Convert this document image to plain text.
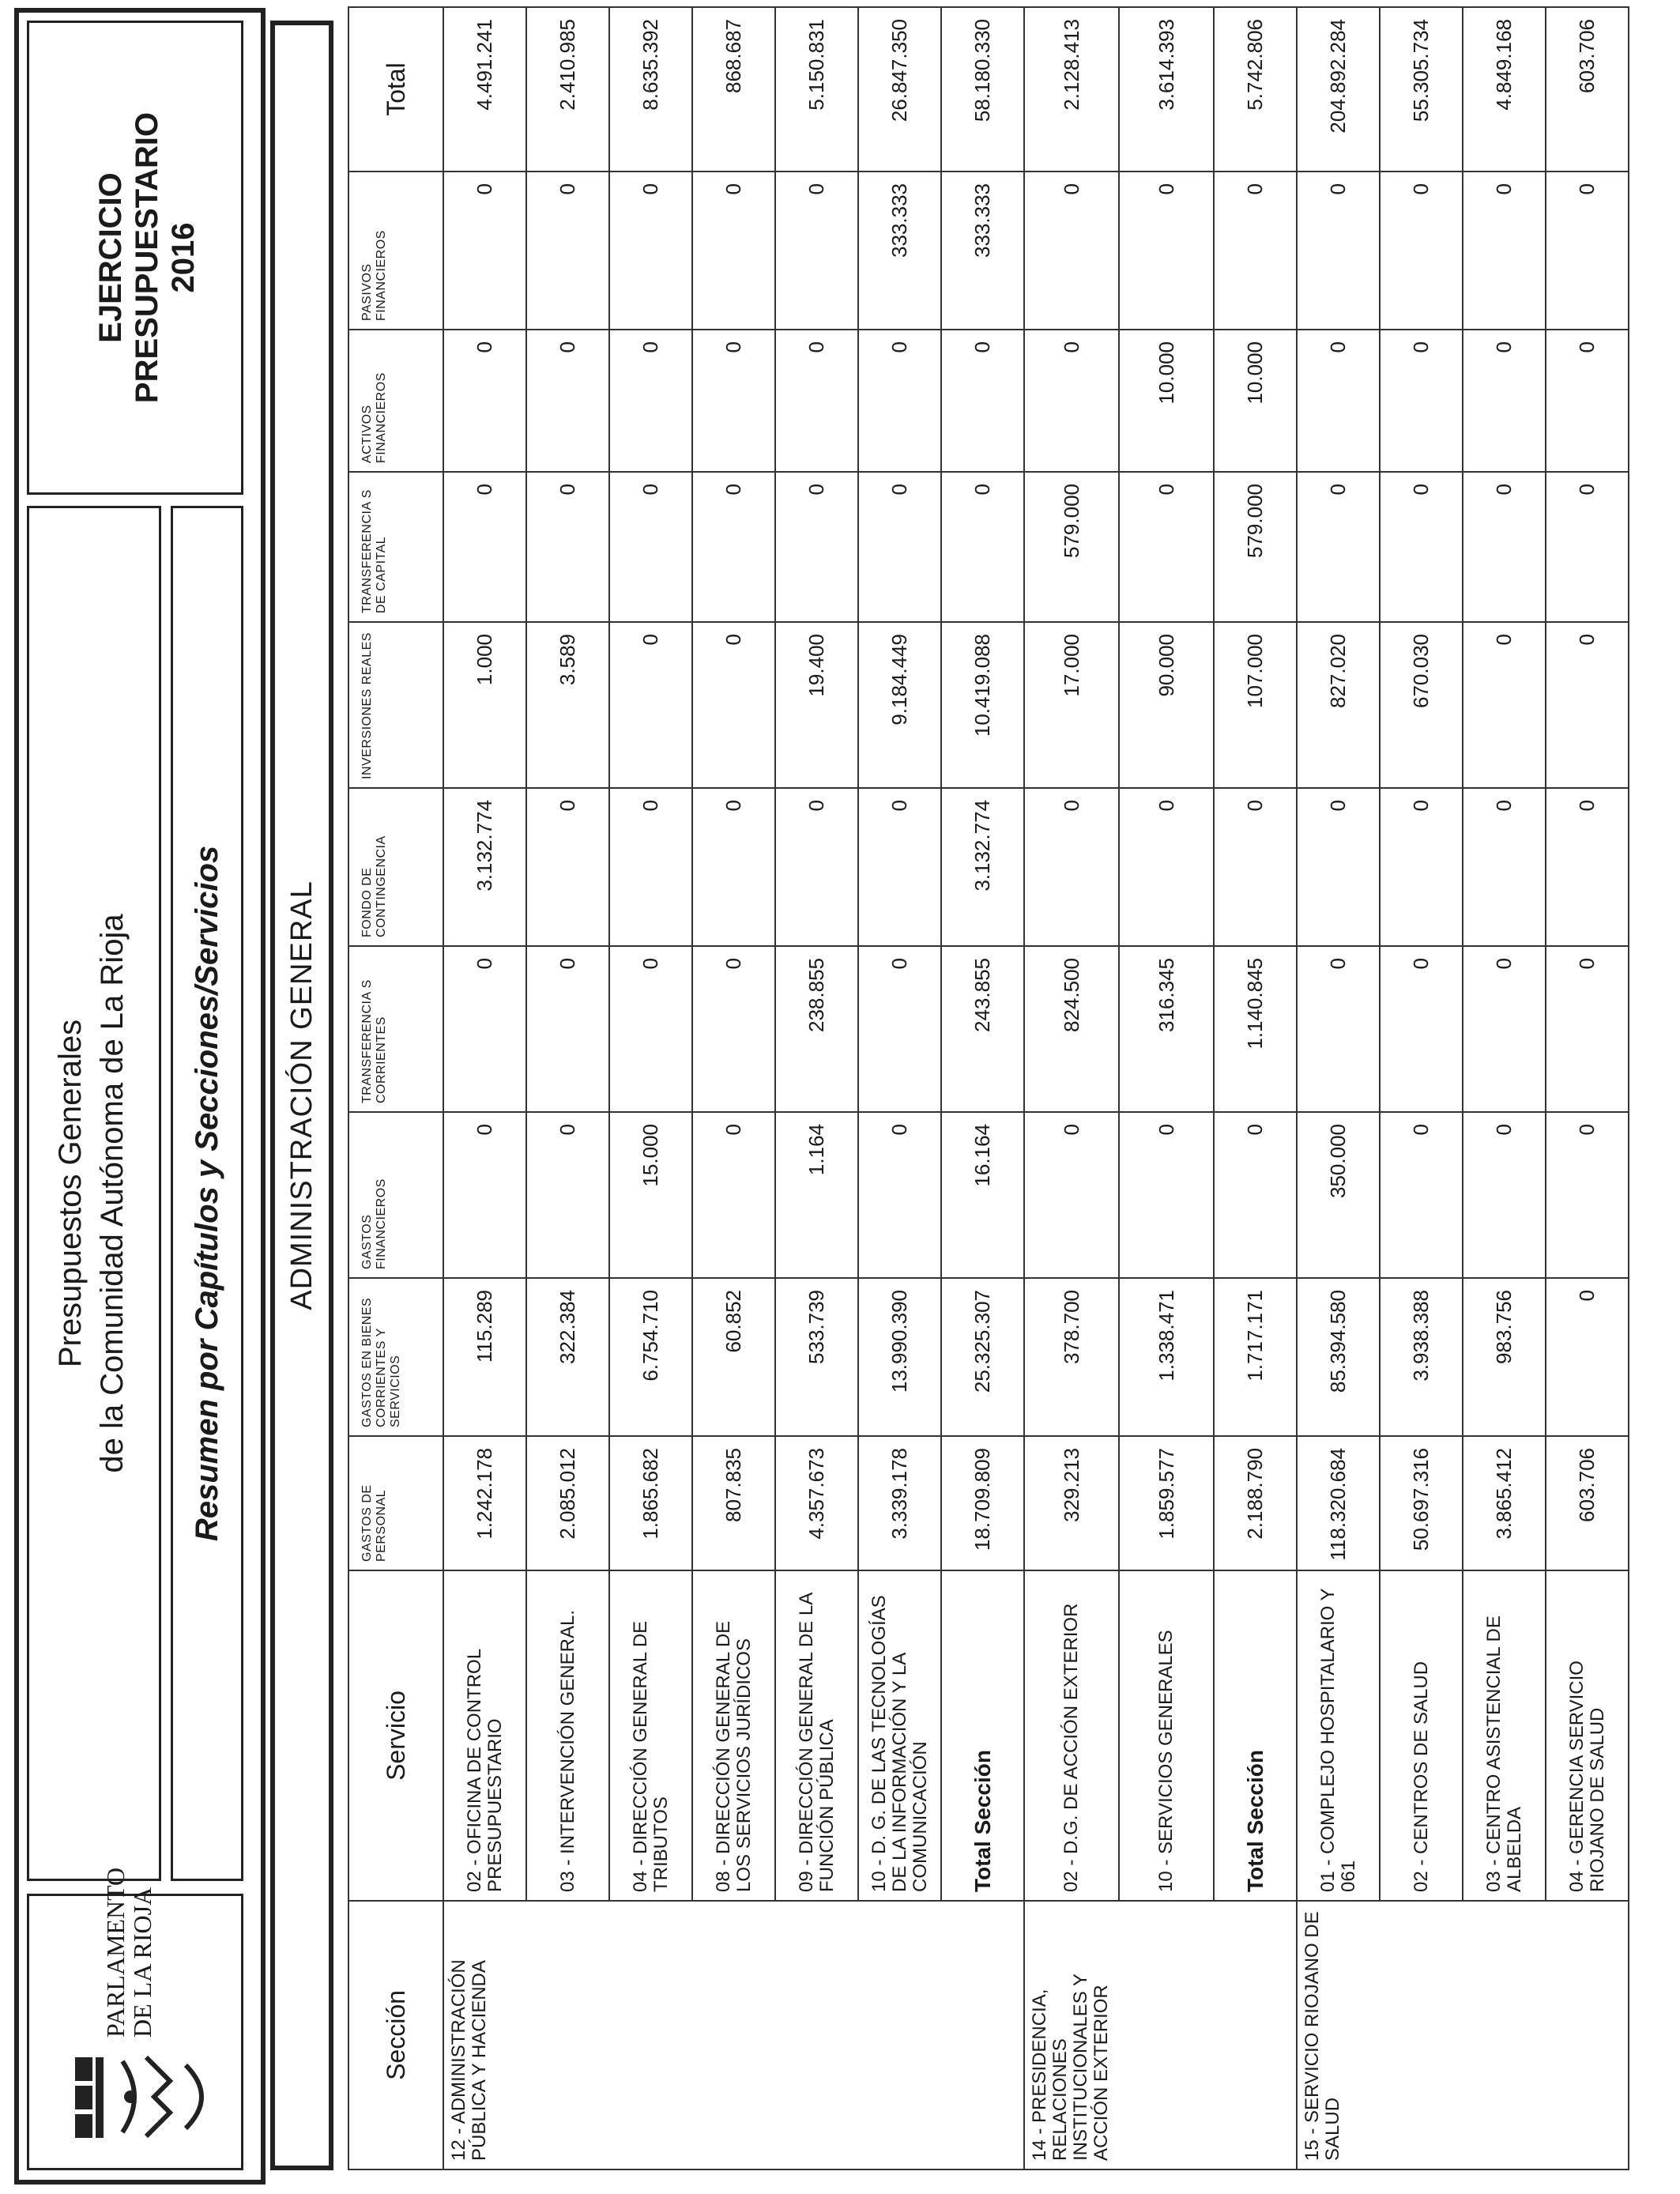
PARLAMENTO
DE LA RIOJA
Presupuestos Generales de la Comunidad Autónoma de La Rioja	Resumen por Capítulos y Secciones/Servicios
EJERCICIO PRESUPUESTARIO 2016
ADMINISTRACIÓN GENERAL
Sección	Servicio	GASTOS DE PERSONAL	GASTOS EN BIENES CORRIENTES Y SERVICIOS	GASTOS FINANCIEROS	TRANSFERENCIA S CORRIENTES	FONDO DE CONTINGENCIA	INVERSIONES REALES	TRANSFERENCIA S DE CAPITAL	ACTIVOS FINANCIEROS	PASIVOS FINANCIEROS	Total
12 - ADMINISTRACIÓN PÚBLICA Y HACIENDA	02 - OFICINA DE CONTROL PRESUPUESTARIO	1.242.178	115.289	0	0	3.132.774	1.000	0	0	0	4.491.241
	03 - INTERVENCIÓN GENERAL.	2.085.012	322.384	0	0	0	3.589	0	0	0	2.410.985
	04 - DIRECCIÓN GENERAL DE TRIBUTOS	1.865.682	6.754.710	15.000	0	0	0	0	0	0	8.635.392
	08 - DIRECCIÓN GENERAL DE LOS SERVICIOS JURÍDICOS	807.835	60.852	0	0	0	0	0	0	0	868.687
	09 - DIRECCIÓN GENERAL DE LA FUNCIÓN PÚBLICA	4.357.673	533.739	1.164	238.855	0	19.400	0	0	0	5.150.831
	10 - D. G. DE LAS TECNOLOGÍAS DE LA INFORMACIÓN Y LA COMUNICACIÓN	3.339.178	13.990.390	0	0	0	9.184.449	0	0	333.333	26.847.350
	Total Sección	18.709.809	25.325.307	16.164	243.855	3.132.774	10.419.088	0	0	333.333	58.180.330
14 - PRESIDENCIA, RELACIONES INSTITUCIONALES Y ACCIÓN EXTERIOR	02 - D.G. DE ACCIÓN EXTERIOR	329.213	378.700	0	824.500	0	17.000	579.000	0	0	2.128.413
	10 - SERVICIOS GENERALES	1.859.577	1.338.471	0	316.345	0	90.000	0	10.000	0	3.614.393
	Total Sección	2.188.790	1.717.171	0	1.140.845	0	107.000	579.000	10.000	0	5.742.806
15 - SERVICIO RIOJANO DE SALUD	01 - COMPLEJO HOSPITALARIO Y 061	118.320.684	85.394.580	350.000	0	0	827.020	0	0	0	204.892.284
	02 - CENTROS DE SALUD	50.697.316	3.938.388	0	0	0	670.030	0	0	0	55.305.734
	03 - CENTRO ASISTENCIAL DE ALBELDA	3.865.412	983.756	0	0	0	0	0	0	0	4.849.168
	04 - GERENCIA SERVICIO RIOJANO DE SALUD	603.706	0	0	0	0	0	0	0	0	603.706
